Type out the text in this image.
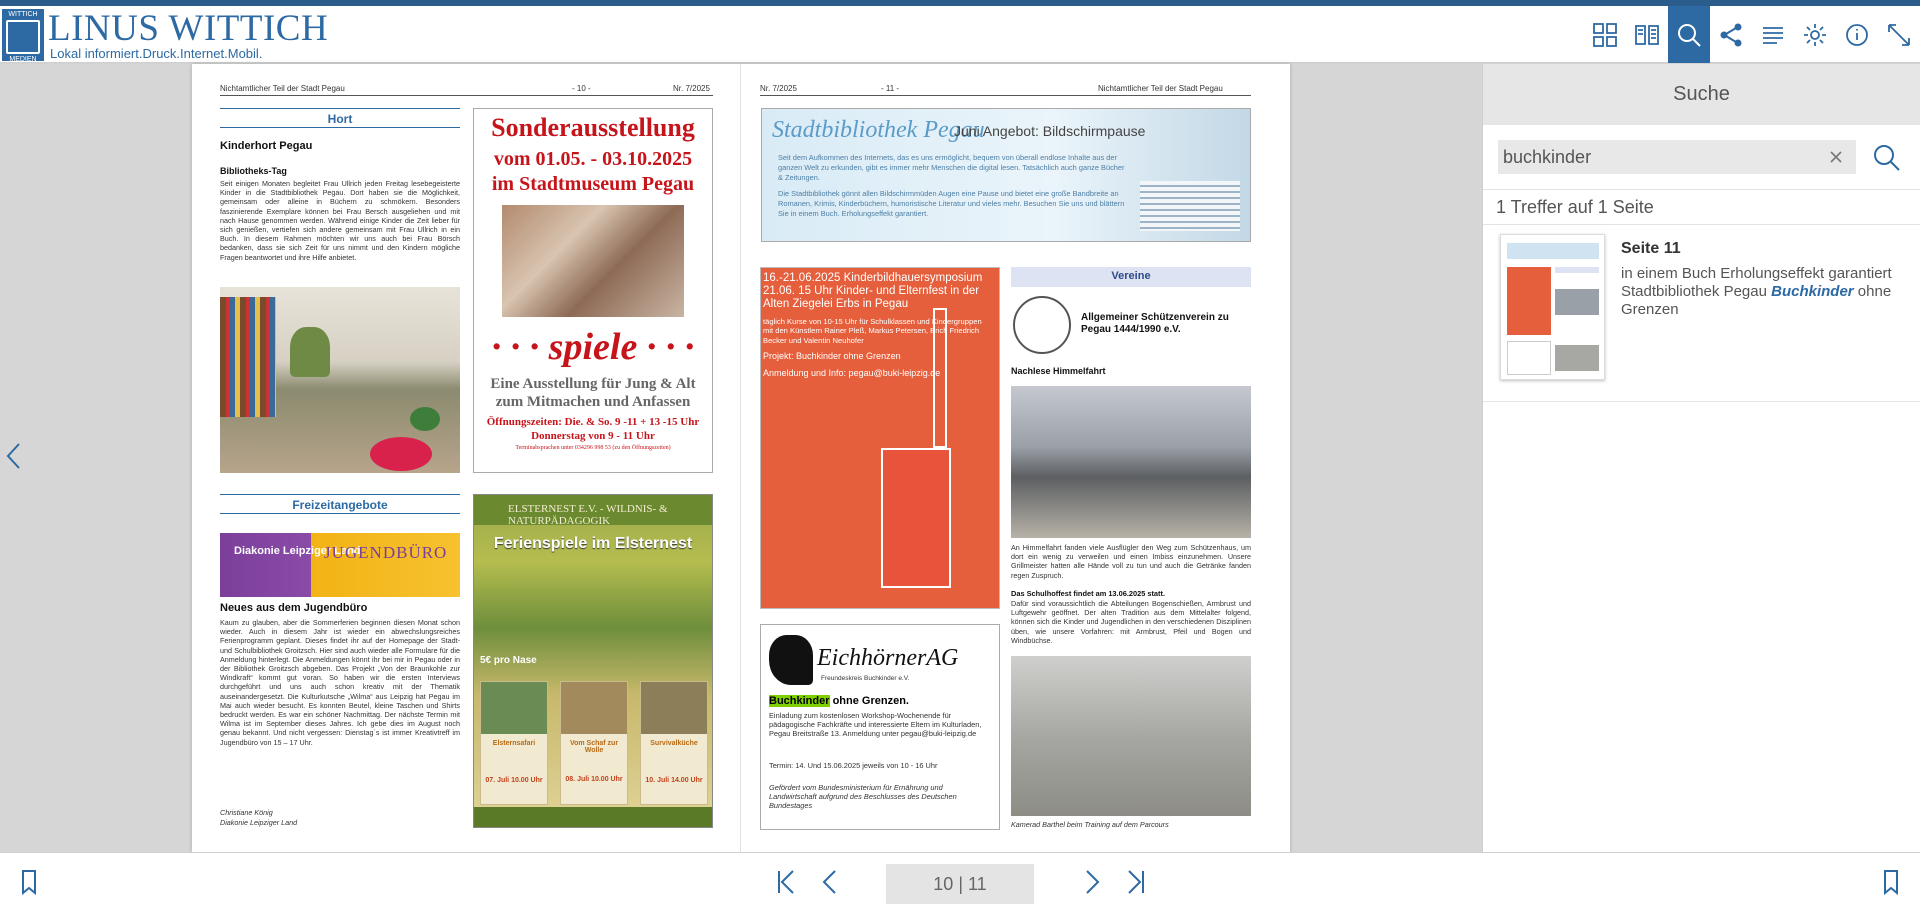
WITTICH
MEDIEN
LINUS WITTICH
Lokal informiert.Druck.Internet.Mobil.
Nichtamtlicher Teil der Stadt Pegau	- 10 -	Nr. 7/2025
Hort
Kinderhort Pegau
Bibliotheks-Tag
Seit einigen Monaten begleitet Frau Ullrich jeden Freitag lesebegeisterte Kinder in die Stadtbibliothek Pegau. Dort haben sie die Möglichkeit, gemeinsam oder alleine in Büchern zu schmökern. Besonders faszinierende Exemplare können bei Frau Bersch ausgeliehen und mit nach Hause genommen werden. Während einige Kinder die Zeit lieber für sich genießen, vertiefen sich andere gemeinsam mit Frau Ullrich in ein Buch. In diesem Rahmen möchten wir uns auch bei Frau Börsch bedanken, dass sie sich Zeit für uns nimmt und den Kindern mögliche Fragen beantwortet und ihre Hilfe anbietet.
Freizeitangebote
Diakonie Leipziger Land
JUGENDBÜRO
Neues aus dem Jugendbüro
Kaum zu glauben, aber die Sommerferien beginnen diesen Monat schon wieder. Auch in diesem Jahr ist wieder ein abwechslungsreiches Ferienprogramm geplant. Dieses findet ihr auf der Homepage der Stadt- und Schulbibliothek Groitzsch. Hier sind auch wieder alle Formulare für die Anmeldung hinterlegt. Die Anmeldungen könnt ihr bei mir in Pegau oder in der Bibliothek Groitzsch abgeben. Das Projekt „Von der Braunkohle zur Windkraft“ kommt gut voran. So haben wir die ersten Interviews durchgeführt und uns auch schon kreativ mit der Thematik auseinandergesetzt. Die Kulturkutsche „Wilma“ aus Leipzig hat Pegau im Mai auch wieder besucht. Es konnten Beutel, kleine Taschen und Shirts bedruckt werden. Es war ein schöner Nachmittag. Der nächste Termin mit Wilma ist im September dieses Jahres. Ich gebe dies im August noch genau bekannt. Und nicht vergessen: Dienstag´s ist immer Kreativtreff im Jugendbüro von 15 – 17 Uhr.
Christiane König
Diakonie Leipziger Land
Sonderausstellung
vom 01.05. - 03.10.2025
im Stadtmuseum Pegau
· · · spiele · · ·
Eine Ausstellung für Jung & Alt
zum Mitmachen und Anfassen
Öffnungszeiten: Die. & So. 9 -11 + 13 -15 Uhr
Donnerstag von 9 - 11 Uhr
Terminabsprachen unter 034296 998 53 (zu den Öffnungszeiten)
ELSTERNEST E.V. - WILDNIS- & NATURPÄDAGOGIK
Ferienspiele im Elsternest
5€ pro Nase
Elsternsafari
07. Juli 10.00 Uhr
Vom Schaf zur Wolle
08. Juli 10.00 Uhr
Survivalküche
10. Juli 14.00 Uhr
Nr. 7/2025	- 11 -	Nichtamtlicher Teil der Stadt Pegau
Stadtbibliothek Pegau
Juni Angebot: Bildschirmpause
Seit dem Aufkommen des Internets, das es uns ermöglicht, bequem von überall endlose Inhalte aus der ganzen Welt zu erkunden, gibt es immer mehr Menschen die digital lesen. Tatsächlich auch ganze Bücher & Zeitungen.
Die Stadtbibliothek gönnt allen Bildschirmmüden Augen eine Pause und bietet eine große Bandbreite an Romanen, Krimis, Kinderbüchern, humoristische Literatur und vieles mehr. Besuchen Sie uns und blättern Sie in einem Buch. Erholungseffekt garantiert.
16.-21.06.2025 Kinderbildhauersymposium 21.06. 15 Uhr Kinder- und Elternfest in der Alten Ziegelei Erbs in Pegau
täglich Kurse von 10-15 Uhr für Schulklassen und Kindergruppen mit den Künstlern Rainer Pleß, Markus Petersen, Erich Friedrich Becker und Valentin Neuhofer
Projekt: Buchkinder ohne Grenzen
Anmeldung und Info: pegau@buki-leipzig.de
Vereine
Allgemeiner Schützenverein zu Pegau 1444/1990 e.V.
Nachlese Himmelfahrt
An Himmelfahrt fanden viele Ausflügler den Weg zum Schützenhaus, um dort ein wenig zu verweilen und einen Imbiss einzunehmen. Unsere Grillmeister hatten alle Hände voll zu tun und auch die Getränke fanden regen Zuspruch.
Das Schulhoffest findet am 13.06.2025 statt.
Dafür sind voraussichtlich die Abteilungen Bogenschießen, Armbrust und Luftgewehr geöffnet. Der alten Tradition aus dem Mittelalter folgend, können sich die Kinder und Jugendlichen in den verschiedenen Disziplinen üben, wie unsere Vorfahren: mit Armbrust, Pfeil und Bogen und Windbüchse.
Kamerad Barthel beim Training auf dem Parcours
EichhörnerAG
Freundeskreis Buchkinder e.V.
Buchkinder ohne Grenzen.
Einladung zum kostenlosen Workshop-Wochenende für pädagogische Fachkräfte und interessierte Eltern im Kulturladen, Pegau Breitstraße 13. Anmeldung unter pegau@buki-leipzig.de
Termin: 14. Und 15.06.2025 jeweils von 10 - 16 Uhr
Gefördert vom Bundesministerium für Ernährung und Landwirtschaft aufgrund des Beschlusses des Deutschen Bundestages
Suche
buchkinder
1 Treffer auf 1 Seite
Seite 11
in einem Buch Erholungseffekt garantiert Stadtbibliothek Pegau Buchkinder ohne Grenzen
10 | 11
